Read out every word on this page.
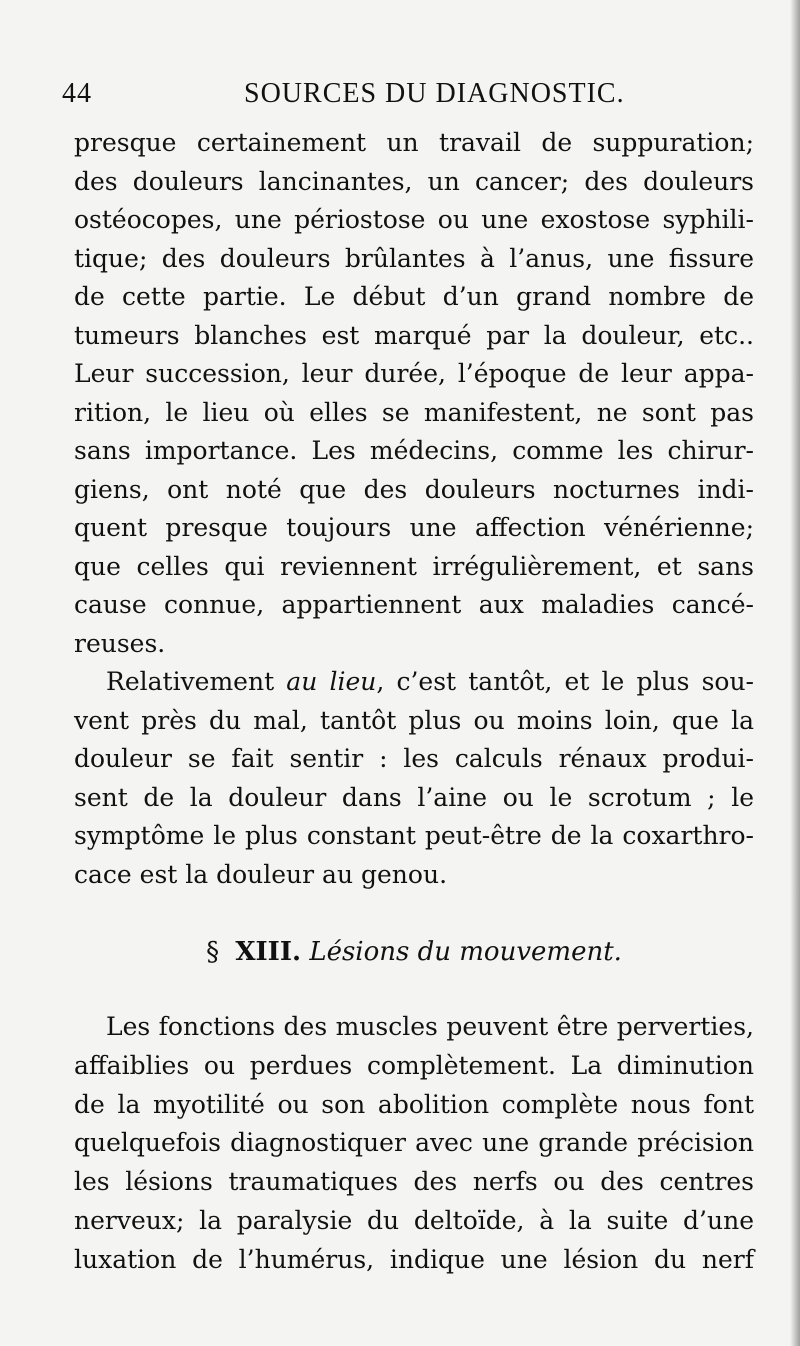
44	SOURCES DU DIAGNOSTIC.
presque certainement un travail de suppuration;
des douleurs lancinantes, un cancer; des douleurs
ostéocopes, une périostose ou une exostose syphili-
tique; des douleurs brûlantes à l’anus, une fissure
de cette partie. Le début d’un grand nombre de
tumeurs blanches est marqué par la douleur, etc..
Leur succession, leur durée, l’époque de leur appa-
rition, le lieu où elles se manifestent, ne sont pas
sans importance. Les médecins, comme les chirur-
giens, ont noté que des douleurs nocturnes indi-
quent presque toujours une affection vénérienne;
que celles qui reviennent irrégulièrement, et sans
cause connue, appartiennent aux maladies cancé-
reuses.
Relativement au lieu, c’est tantôt, et le plus sou-
vent près du mal, tantôt plus ou moins loin, que la
douleur se fait sentir : les calculs rénaux produi-
sent de la douleur dans l’aine ou le scrotum ; le
symptôme le plus constant peut-être de la coxarthro-
cace est la douleur au genou.
§ XIII. Lésions du mouvement.
Les fonctions des muscles peuvent être perverties,
affaiblies ou perdues complètement. La diminution
de la myotilité ou son abolition complète nous font
quelquefois diagnostiquer avec une grande précision
les lésions traumatiques des nerfs ou des centres
nerveux; la paralysie du deltoïde, à la suite d’une
luxation de l’humérus, indique une lésion du nerf
